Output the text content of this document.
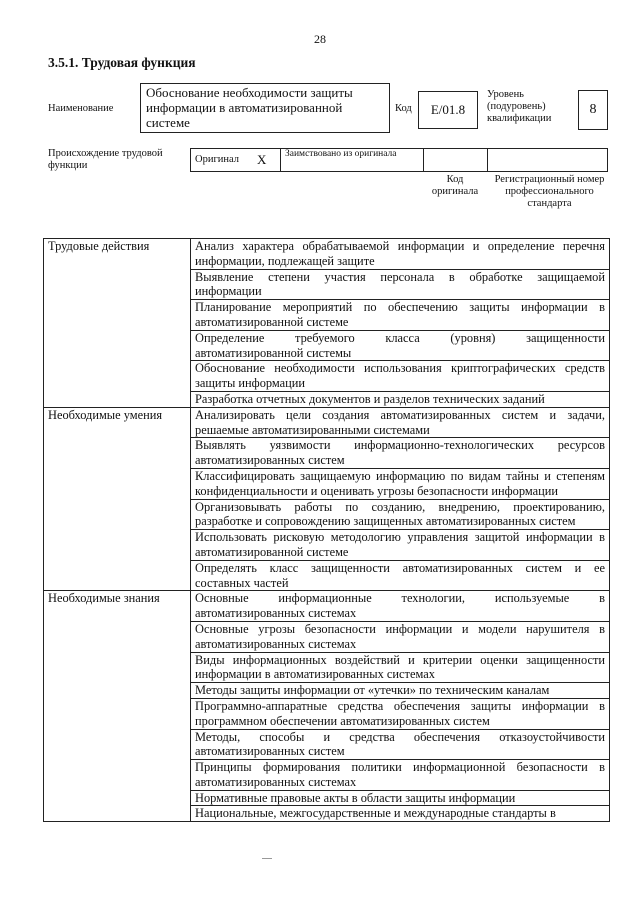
28
3.5.1. Трудовая функция
Наименование
Обоснование необходимости защиты информации в автоматизированной системе
Код	E/01.8
Уровень (подуровень) квалификации
8
Происхождение трудовой функции
Оригинал X Заимствовано из оригинала
Код оригинала
Регистрационный номер профессионального стандарта
Трудовые действия	Анализ характера обрабатываемой информации и определение перечня информации, подлежащей защите
	Выявление степени участия персонала в обработке защищаемой информации
	Планирование мероприятий по обеспечению защиты информации в автоматизированной системе
	Определение требуемого класса (уровня) защищенности автоматизированной системы
	Обоснование необходимости использования криптографических средств защиты информации
	Разработка отчетных документов и разделов технических заданий
Необходимые умения	Анализировать цели создания автоматизированных систем и задачи, решаемые автоматизированными системами
	Выявлять уязвимости информационно-технологических ресурсов автоматизированных систем
	Классифицировать защищаемую информацию по видам тайны и степеням конфиденциальности и оценивать угрозы безопасности информации
	Организовывать работы по созданию, внедрению, проектированию, разработке и сопровождению защищенных автоматизированных систем
	Использовать рисковую методологию управления защитой информации в автоматизированной системе
	Определять класс защищенности автоматизированных систем и ее составных частей
Необходимые знания	Основные информационные технологии, используемые в автоматизированных системах
	Основные угрозы безопасности информации и модели нарушителя в автоматизированных системах
	Виды информационных воздействий и критерии оценки защищенности информации в автоматизированных системах
	Методы защиты информации от «утечки» по техническим каналам
	Программно-аппаратные средства обеспечения защиты информации в программном обеспечении автоматизированных систем
	Методы, способы и средства обеспечения отказоустойчивости автоматизированных систем
	Принципы формирования политики информационной безопасности в автоматизированных системах
	Нормативные правовые акты в области защиты информации
	Национальные, межгосударственные и международные стандарты в
